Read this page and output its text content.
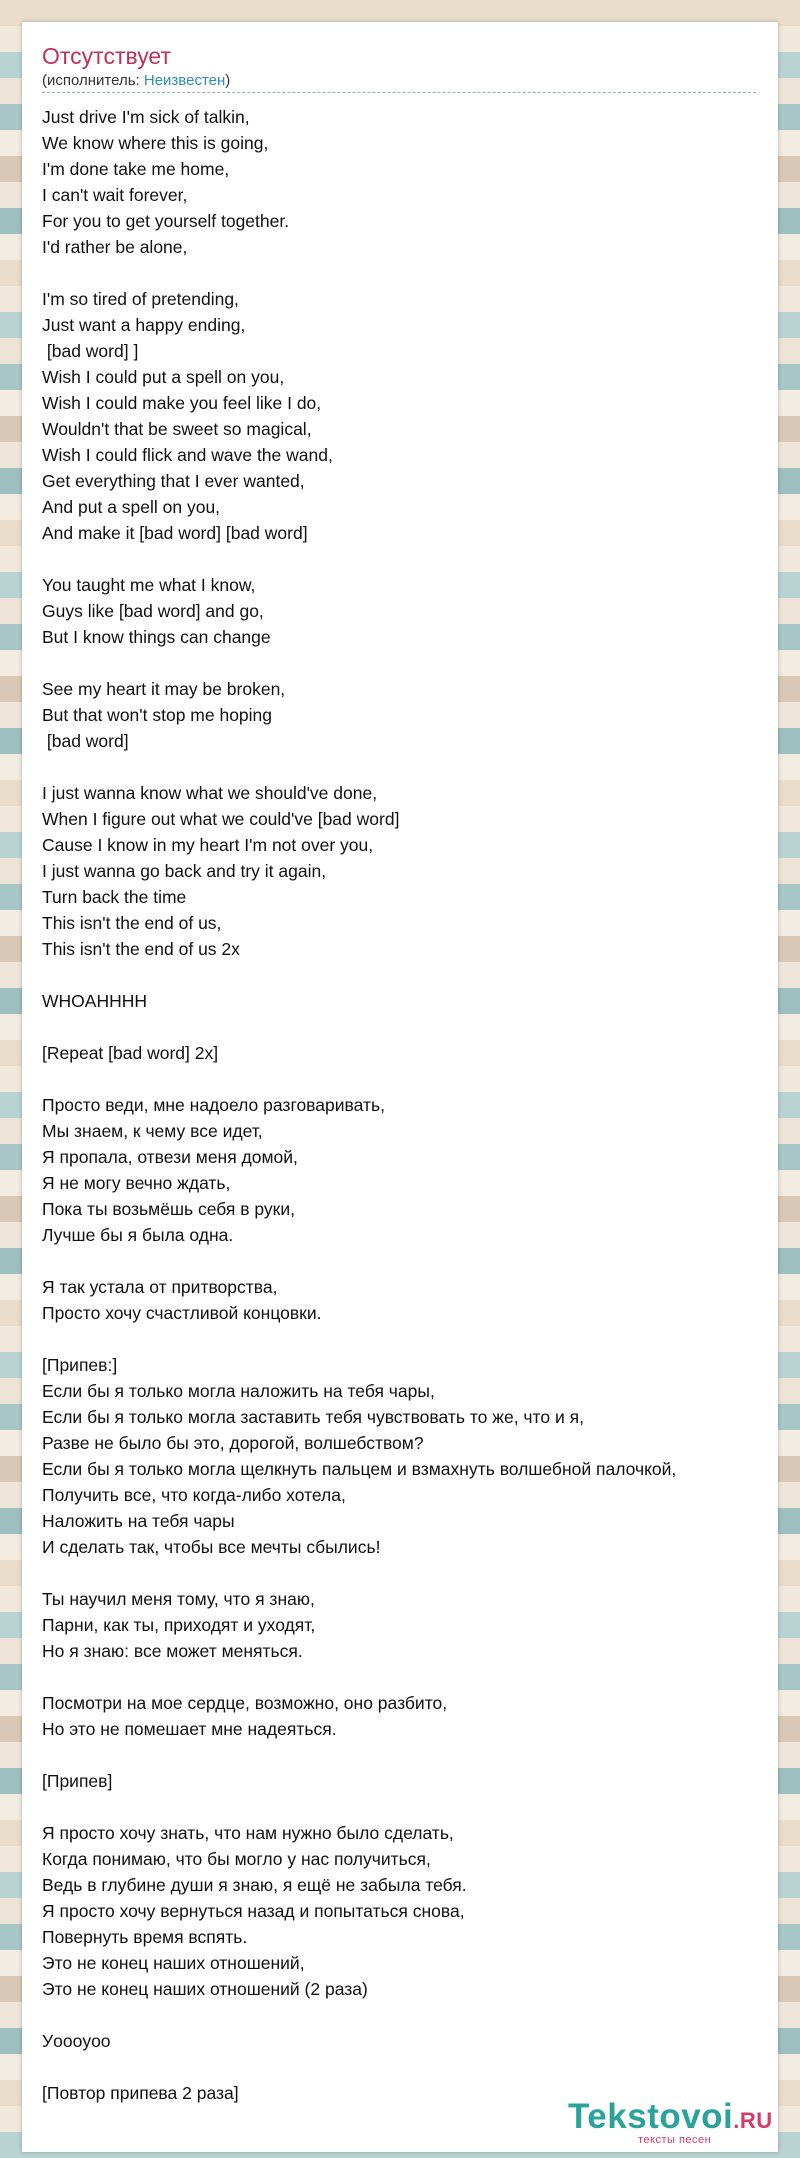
Отсутствует
(исполнитель: Неизвестен)
Just drive I'm sick of talkin,
We know where this is going,
I'm done take me home,
I can't wait forever,
For you to get yourself together.
I'd rather be alone,
I'm so tired of pretending,
Just want a happy ending,
[bad word] ]
Wish I could put a spell on you,
Wish I could make you feel like I do,
Wouldn't that be sweet so magical,
Wish I could flick and wave the wand,
Get everything that I ever wanted,
And put a spell on you,
And make it [bad word] [bad word]
You taught me what I know,
Guys like [bad word] and go,
But I know things can change
See my heart it may be broken,
But that won't stop me hoping
[bad word]
I just wanna know what we should've done,
When I figure out what we could've [bad word]
Cause I know in my heart I'm not over you,
I just wanna go back and try it again,
Turn back the time
This isn't the end of us,
This isn't the end of us 2x
WHOAHHHH
[Repeat [bad word] 2x]
Просто веди, мне надоело разговаривать,
Мы знаем, к чему все идет,
Я пропала, отвези меня домой,
Я не могу вечно ждать,
Пока ты возьмёшь себя в руки,
Лучше бы я была одна.
Я так устала от притворства,
Просто хочу счастливой концовки.
[Припев:]
Если бы я только могла наложить на тебя чары,
Если бы я только могла заставить тебя чувствовать то же, что и я,
Разве не было бы это, дорогой, волшебством?
Если бы я только могла щелкнуть пальцем и взмахнуть волшебной палочкой,
Получить все, что когда-либо хотела,
Наложить на тебя чары
И сделать так, чтобы все мечты сбылись!
Ты научил меня тому, что я знаю,
Парни, как ты, приходят и уходят,
Но я знаю: все может меняться.
Посмотри на мое сердце, возможно, оно разбито,
Но это не помешает мне надеяться.
[Припев]
Я просто хочу знать, что нам нужно было сделать,
Когда понимаю, что бы могло у нас получиться,
Ведь в глубине души я знаю, я ещё не забыла тебя.
Я просто хочу вернуться назад и попытаться снова,
Повернуть время вспять.
Это не конец наших отношений,
Это не конец наших отношений (2 раза)
Уoooyoo
[Повтор припева 2 раза]
Tekstovoi.RU
тексты песен
